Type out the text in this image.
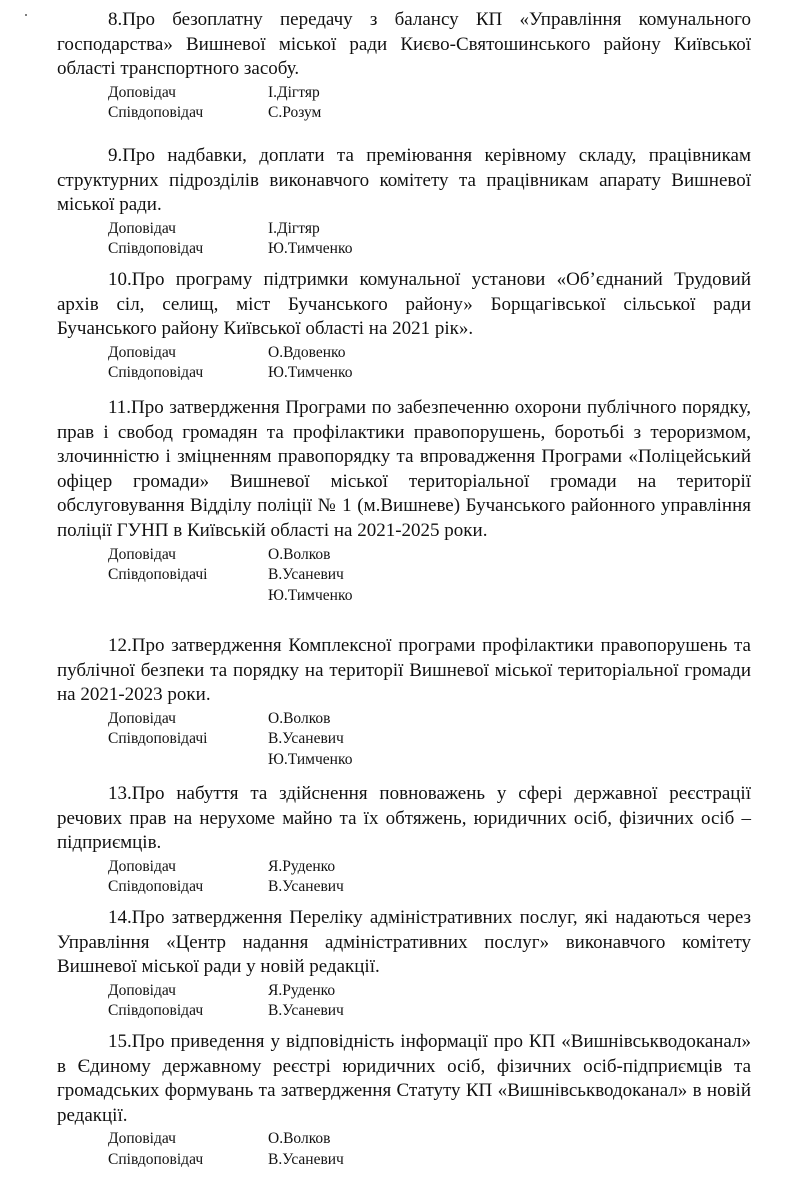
8.Про безоплатну передачу з балансу КП «Управління комунального господарства» Вишневої міської ради Києво-Святошинського району Київської області транспортного засобу.

Доповідач	І.Дігтяр
Співдоповідач	С.Розум

9.Про надбавки, доплати та преміювання керівному складу, працівникам структурних підрозділів виконавчого комітету та працівникам апарату Вишневої міської ради.

Доповідач	І.Дігтяр
Співдоповідач	Ю.Тимченко

10.Про програму підтримки комунальної установи «Об’єднаний Трудовий архів сіл, селищ, міст Бучанського району» Борщагівської сільської ради Бучанського району Київської області на 2021 рік».

Доповідач	О.Вдовенко
Співдоповідач	Ю.Тимченко

11.Про затвердження Програми по забезпеченню охорони публічного порядку, прав і свобод громадян та профілактики правопорушень, боротьбі з тероризмом, злочинністю і зміцненням правопорядку та впровадження Програми «Поліцейський офіцер громади» Вишневої міської територіальної громади на території обслуговування Відділу поліції № 1 (м.Вишневе) Бучанського районного управління поліції ГУНП в Київській області на 2021-2025 роки.

Доповідач	О.Волков
Співдоповідачі	В.Усаневич
Ю.Тимченко

12.Про затвердження Комплексної програми профілактики правопорушень та публічної безпеки та порядку на території Вишневої міської територіальної громади на 2021-2023 роки.

Доповідач	О.Волков
Співдоповідачі	В.Усаневич
Ю.Тимченко

13.Про набуття та здійснення повноважень у сфері державної реєстрації речових прав на нерухоме майно та їх обтяжень, юридичних осіб, фізичних осіб – підприємців.

Доповідач	Я.Руденко
Співдоповідач	В.Усаневич

14.Про затвердження Переліку адміністративних послуг, які надаються через Управління «Центр надання адміністративних послуг» виконавчого комітету Вишневої міської ради у новій редакції.

Доповідач	Я.Руденко
Співдоповідач	В.Усаневич

15.Про приведення у відповідність інформації про КП «Вишнівськводоканал» в Єдиному державному реєстрі юридичних осіб, фізичних осіб-підприємців та громадських формувань та затвердження Статуту КП «Вишнівськводоканал» в новій редакції.

Доповідач	О.Волков
Співдоповідач	В.Усаневич
